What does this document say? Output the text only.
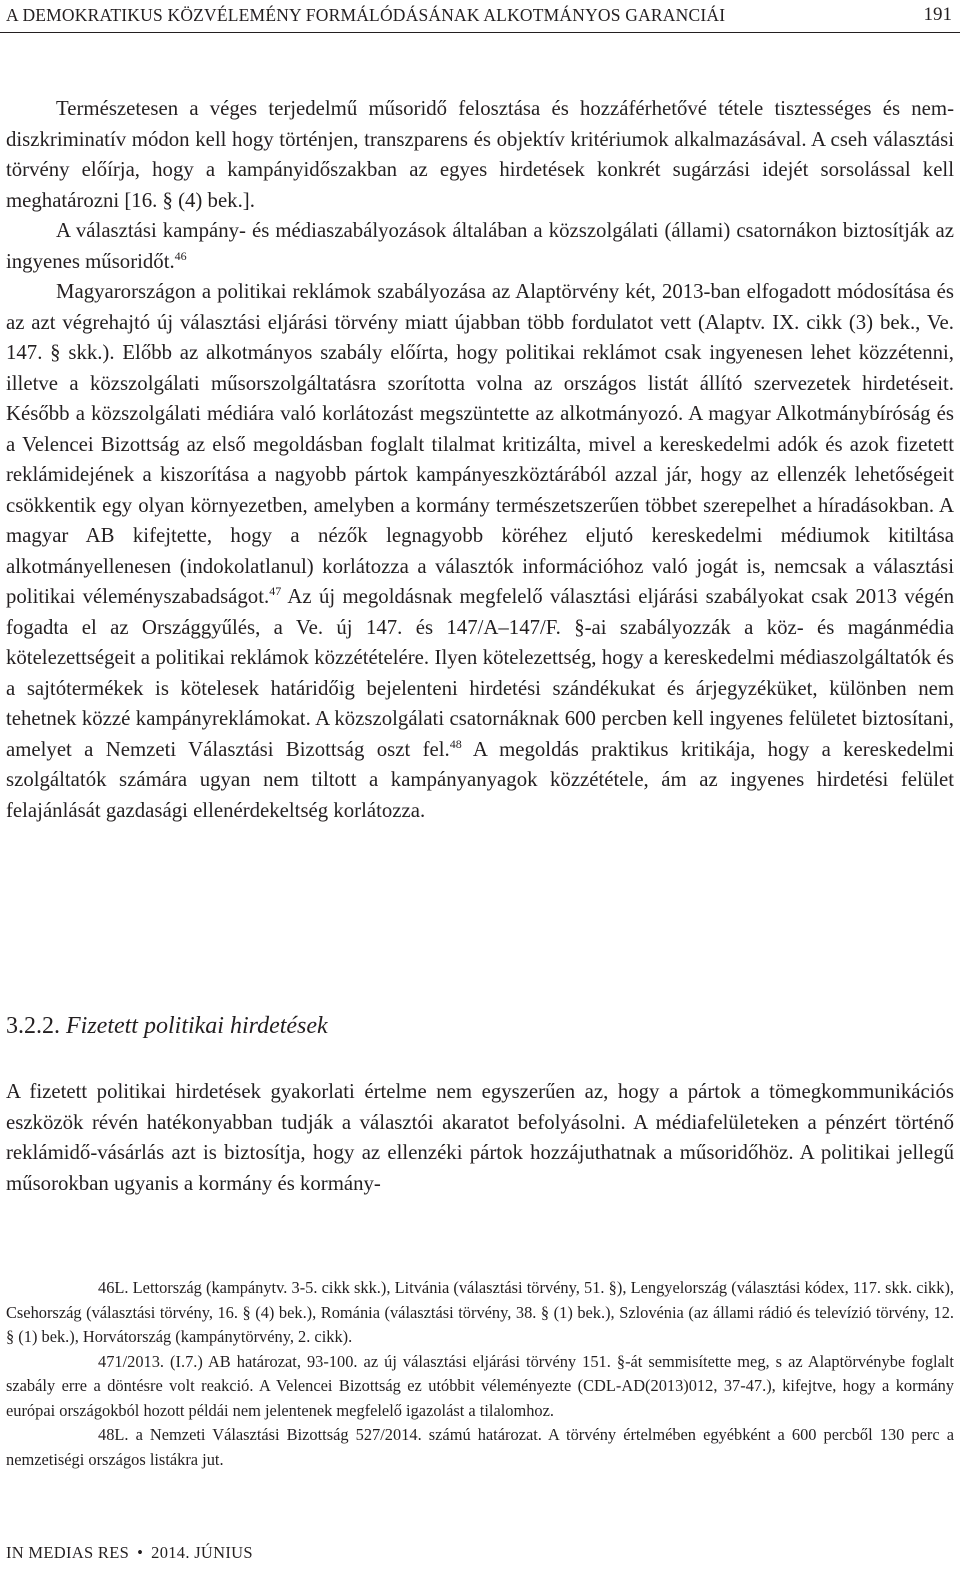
A DEMOKRATIKUS KÖZVÉLEMÉNY FORMÁLÓDÁSÁNAK ALKOTMÁNYOS GARANCIÁI	191

Természetesen a véges terjedelmű műsoridő felosztása és hozzáférhetővé tétele tisztességes és nem-diszkriminatív módon kell hogy történjen, transzparens és objektív kritériumok alkalmazásával. A cseh választási törvény előírja, hogy a kampányidőszakban az egyes hirdetések konkrét sugárzási idejét sorsolással kell meghatározni [16. § (4) bek.].

A választási kampány- és médiaszabályozások általában a közszolgálati (állami) csatornákon biztosítják az ingyenes műsoridőt.$^{46}$

Magyarországon a politikai reklámok szabályozása az Alaptörvény két, 2013-ban elfogadott módosítása és az azt végrehajtó új választási eljárási törvény miatt újabban több fordulatot vett (Alaptv. IX. cikk (3) bek., Ve. 147. § skk.). Előbb az alkotmányos szabály előírta, hogy politikai reklámot csak ingyenesen lehet közzétenni, illetve a közszolgálati műsorszolgáltatásra szorította volna az országos listát állító szervezetek hirdetéseit. Később a közszolgálati médiára való korlátozást megszüntette az alkotmányozó. A magyar Alkotmánybíróság és a Velencei Bizottság az első megoldásban foglalt tilalmat kritizálta, mivel a kereskedelmi adók és azok fizetett reklámidejének a kiszorítása a nagyobb pártok kampányeszköztárából azzal jár, hogy az ellenzék lehetőségeit csökkentik egy olyan környezetben, amelyben a kormány természetszerűen többet szerepelhet a híradásokban. A magyar AB kifejtette, hogy a nézők legnagyobb köréhez eljutó kereskedelmi médiumok kitiltása alkotmányellenesen (indokolatlanul) korlátozza a választók információhoz való jogát is, nemcsak a választási politikai véleményszabadságot.$^{47}$ Az új megoldásnak megfelelő választási eljárási szabályokat csak 2013 végén fogadta el az Országgyűlés, a Ve. új 147. és 147/A–147/F. §-ai szabályozzák a köz- és magánmédia kötelezettségeit a politikai reklámok közzétételére. Ilyen kötelezettség, hogy a kereskedelmi médiaszolgáltatók és a sajtótermékek is kötelesek határidőig bejelenteni hirdetési szándékukat és árjegyzéküket, különben nem tehetnek közzé kampányreklámokat. A közszolgálati csatornáknak 600 percben kell ingyenes felületet biztosítani, amelyet a Nemzeti Választási Bizottság oszt fel.$^{48}$ A megoldás praktikus kritikája, hogy a kereskedelmi szolgáltatók számára ugyan nem tiltott a kampányanyagok közzététele, ám az ingyenes hirdetési felület felajánlását gazdasági ellenérdekeltség korlátozza.

3.2.2. Fizetett politikai hirdetések

A fizetett politikai hirdetések gyakorlati értelme nem egyszerűen az, hogy a pártok a tömegkommunikációs eszközök révén hatékonyabban tudják a választói akaratot befolyásolni. A médiafelületeken a pénzért történő reklámidő-vásárlás azt is biztosítja, hogy az ellenzéki pártok hozzájuthatnak a műsoridőhöz. A politikai jellegű műsorokban ugyanis a kormány és kormány-

46L. Lettország (kampánytv. 3-5. cikk skk.), Litvánia (választási törvény, 51. §), Lengyelország (választási kódex, 117. skk. cikk), Csehország (választási törvény, 16. § (4) bek.), Románia (választási törvény, 38. § (1) bek.), Szlovénia (az állami rádió és televízió törvény, 12. § (1) bek.), Horvátország (kampánytörvény, 2. cikk).

471/2013. (I.7.) AB határozat, 93-100. az új választási eljárási törvény 151. §-át semmisítette meg, s az Alaptörvénybe foglalt szabály erre a döntésre volt reakció. A Velencei Bizottság ez utóbbit véleményezte (CDL-AD(2013)012, 37-47.), kifejtve, hogy a kormány európai országokból hozott példái nem jelentenek megfelelő igazolást a tilalomhoz.

48L. a Nemzeti Választási Bizottság 527/2014. számú határozat. A törvény értelmében egyébként a 600 percből 130 perc a nemzetiségi országos listákra jut.

IN MEDIAS RES • 2014. JÚNIUS
